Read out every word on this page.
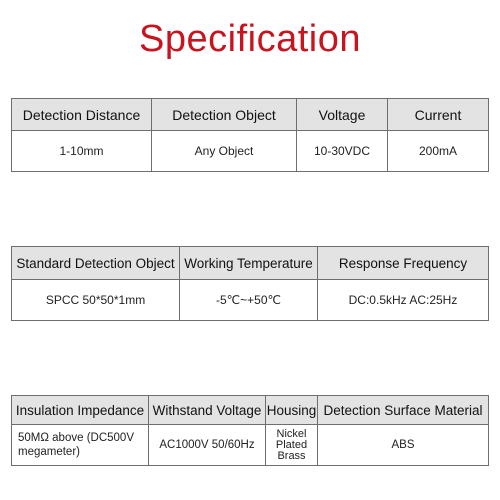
Specification
Detection Distance	Detection Object	Voltage	Current
1-10mm	Any Object	10-30VDC	200mA
Standard Detection Object	Working Temperature	Response Frequency
SPCC 50*50*1mm	-5℃~+50℃	DC:0.5kHz AC:25Hz
Insulation Impedance	Withstand Voltage	Housing	Detection Surface Material
50MΩ above (DC500V megameter)	AC1000V 50/60Hz	Nickel Plated Brass	ABS
